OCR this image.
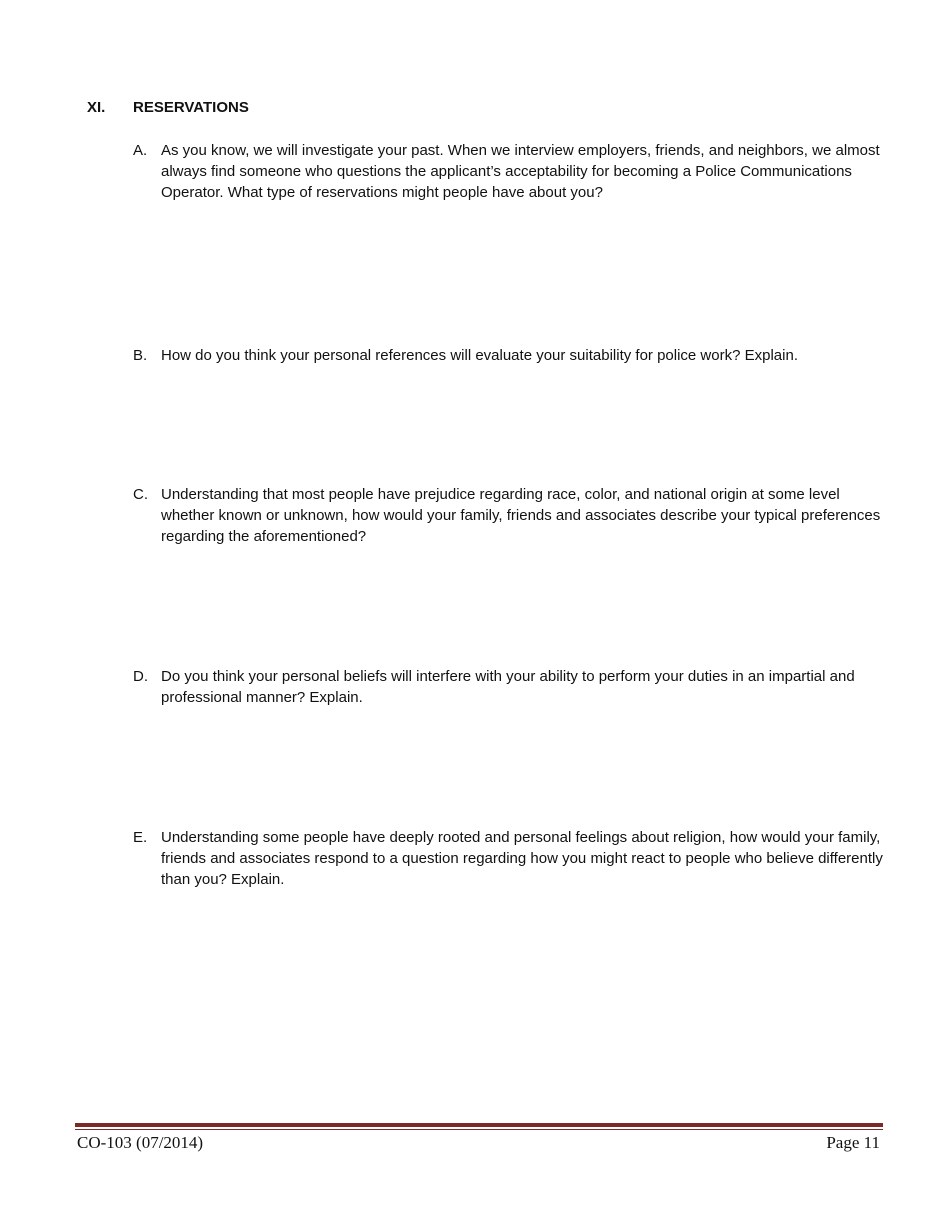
XI.	RESERVATIONS
A. As you know, we will investigate your past. When we interview employers, friends, and neighbors, we almost always find someone who questions the applicant’s acceptability for becoming a Police Communications Operator. What type of reservations might people have about you?
B. How do you think your personal references will evaluate your suitability for police work? Explain.
C. Understanding that most people have prejudice regarding race, color, and national origin at some level whether known or unknown, how would your family, friends and associates describe your typical preferences regarding the aforementioned?
D. Do you think your personal beliefs will interfere with your ability to perform your duties in an impartial and professional manner? Explain.
E. Understanding some people have deeply rooted and personal feelings about religion, how would your family, friends and associates respond to a question regarding how you might react to people who believe differently than you? Explain.
CO-103 (07/2014)	Page 11
